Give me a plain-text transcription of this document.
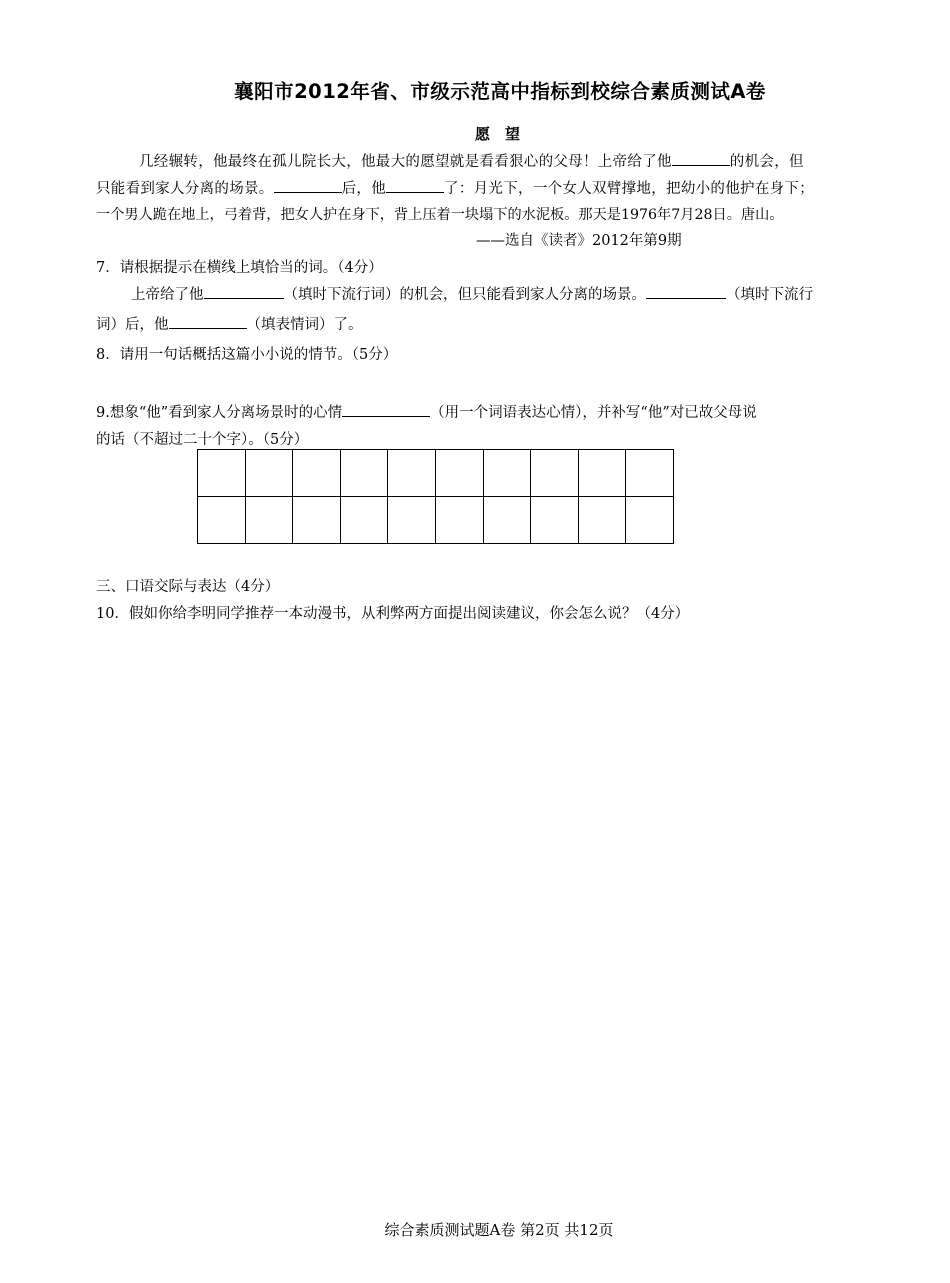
襄阳市2012年省、市级示范高中指标到校综合素质测试A卷
愿　望
几经辗转，他最终在孤儿院长大，他最大的愿望就是看看狠心的父母！上帝给了他	的机会，但
只能看到家人分离的场景。	后，他	了：月光下，一个女人双臂撑地，把幼小的他护在身下；
一个男人跪在地上，弓着背，把女人护在身下，背上压着一块塌下的水泥板。那天是1976年7月28日。唐山。
——选自《读者》2012年第9期
7．请根据提示在横线上填恰当的词。（4分）
上帝给了他	（填时下流行词）的机会，但只能看到家人分离的场景。	（填时下流行
词）后，他	（填表情词）了。
8．请用一句话概括这篇小小说的情节。（5分）
9.想象“他”看到家人分离场景时的心情	（用一个词语表达心情），并补写“他”对已故父母说
的话（不超过二十个字）。（5分）

三、口语交际与表达（4分）
10．假如你给李明同学推荐一本动漫书，从利弊两方面提出阅读建议，你会怎么说？（4分）
综合素质测试题A卷 第2页 共12页
